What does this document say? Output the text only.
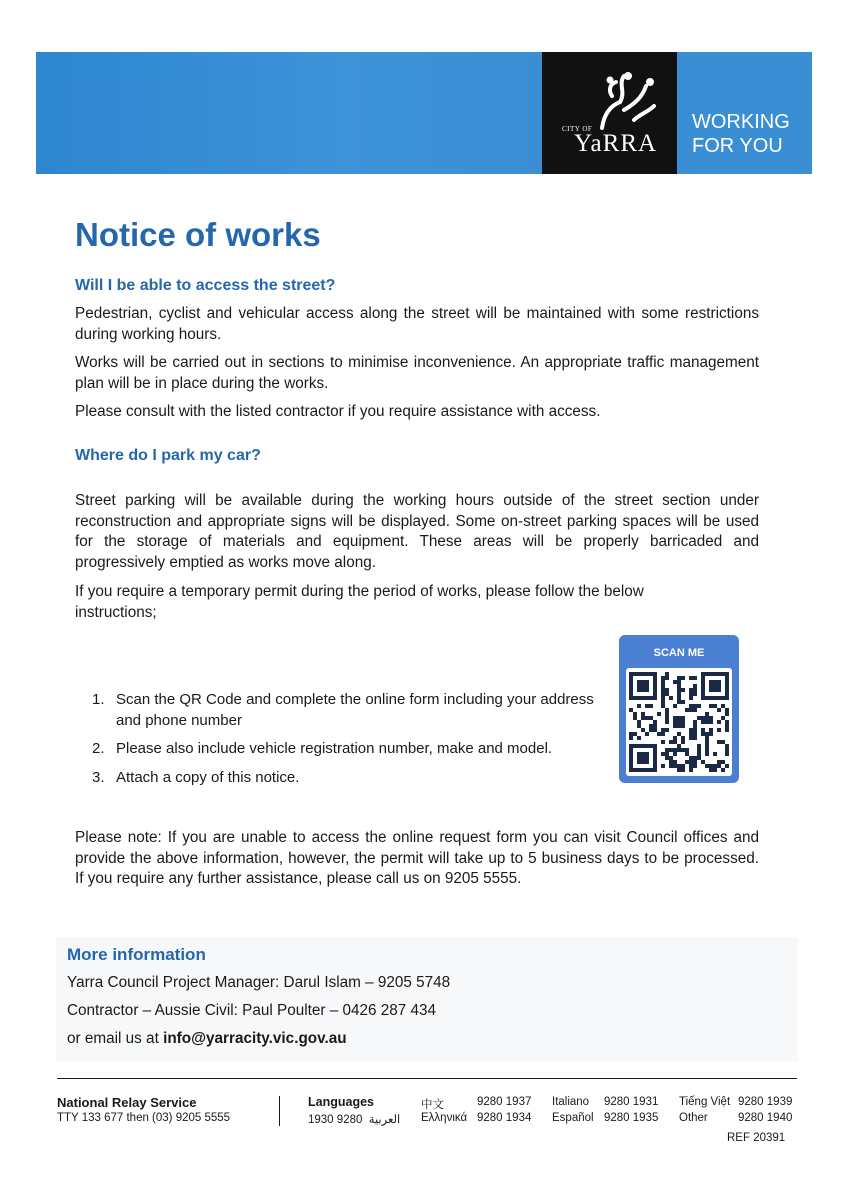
CITY OF
YaRRA
WORKING
FOR YOU
Notice of works
Will I be able to access the street?

Pedestrian, cyclist and vehicular access along the street will be maintained with some restrictions during working hours.

Works will be carried out in sections to minimise inconvenience. An appropriate traffic management plan will be in place during the works.

Please consult with the listed contractor if you require assistance with access.

Where do I park my car?

Street parking will be available during the working hours outside of the street section under reconstruction and appropriate signs will be displayed. Some on-street parking spaces will be used for the storage of materials and equipment. These areas will be properly barricaded and progressively emptied as works move along.

If you require a temporary permit during the period of works, please follow the below instructions;

1. Scan the QR Code and complete the online form including your address and phone number
2. Please also include vehicle registration number, make and model.
3. Attach a copy of this notice.
SCAN ME

Please note: If you are unable to access the online request form you can visit Council offices and provide the above information, however, the permit will take up to 5 business days to be processed. If you require any further assistance, please call us on 9205 5555.

More information
Yarra Council Project Manager: Darul Islam – 9205 5748
Contractor – Aussie Civil: Paul Poulter – 0426 287 434
or email us at info@yarracity.vic.gov.au
National Relay Service
TTY 133 677 then (03) 9205 5555
Languages
العربية  9280 1930
中文	9280 1937
Ελληνικά 9280 1934
Italiano 9280 1931
Español 9280 1935
Tiếng Việt 9280 1939
Other	9280 1940
REF 20391
